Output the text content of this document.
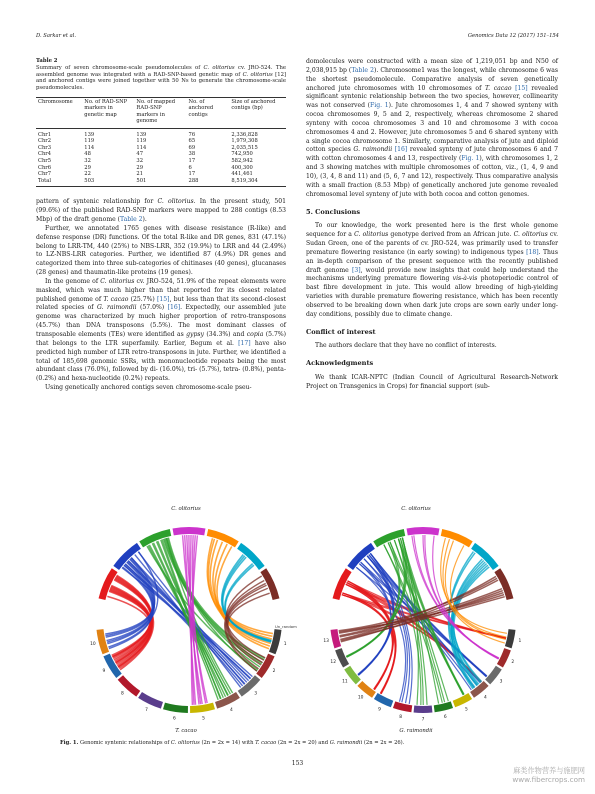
D. Sarkar et al.	Genomics Data 12 (2017) 151–154
Table 2
Summary of seven chromosome-scale pseudomolecules of C. olitorius cv. JRO-524. The assembled genome was integrated with a RAD-SNP-based genetic map of C. olitorius [12] and anchored contigs were joined together with 50 Ns to generate the chromosome-scale pseudomolecules.
Chromosome	No. of RAD-SNP markers in genetic map	No. of mapped RAD-SNP markers in genome	No. of anchored contigs	Size of anchored contigs (bp)
Chr1	139	139	76	2,336,828
Chr2	119	119	65	1,979,308
Chr3	114	114	69	2,035,515
Chr4	48	47	38	742,950
Chr5	32	32	17	582,942
Chr6	29	29	6	400,300
Chr7	22	21	17	441,461
Total	503	501	288	8,519,304

pattern of syntenic relationship for C. olitorius. In the present study, 501 (99.6%) of the published RAD-SNP markers were mapped to 288 contigs (8.53 Mbp) of the draft genome (Table 2).

Further, we annotated 1765 genes with disease resistance (R-like) and defense response (DR) functions. Of the total R-like and DR genes, 831 (47.1%) belong to LRR-TM, 440 (25%) to NBS-LRR, 352 (19.9%) to LRR and 44 (2.49%) to LZ-NBS-LRR categories. Further, we identified 87 (4.9%) DR genes and categorized them into three sub-categories of chitinases (40 genes), glucanases (28 genes) and thaumatin-like proteins (19 genes).

In the genome of C. olitorius cv. JRO-524, 51.9% of the repeat elements were masked, which was much higher than that reported for its closest related published genome of T. cacao (25.7%) [15], but less than that its second-closest related species of G. raimondii (57.0%) [16]. Expectedly, our assembled jute genome was characterized by much higher proportion of retro-transposons (45.7%) than DNA transposons (5.5%). The most dominant classes of transposable elements (TEs) were identified as gypsy (34.3%) and copia (5.7%) that belongs to the LTR superfamily. Earlier, Begum et al. [17] have also predicted high number of LTR retro-transposons in jute. Further, we identified a total of 185,698 genomic SSRs, with mononucleotide repeats being the most abundant class (76.0%), followed by di- (16.0%), tri- (5.7%), tetra- (0.8%), penta- (0.2%) and hexa-nucleotide (0.2%) repeats.

Using genetically anchored contigs seven chromosome-scale pseu-

domolecules were constructed with a mean size of 1,219,051 bp and N50 of 2,038,915 bp (Table 2). Chromosome1 was the longest, while chromosome 6 was the shortest pseudomolecule. Comparative analysis of seven genetically anchored jute chromosomes with 10 chromosomes of T. cacao [15] revealed significant syntenic relationship between the two species, however, collinearity was not conserved (Fig. 1). Jute chromosomes 1, 4 and 7 showed synteny with cocoa chromosomes 9, 5 and 2, respectively, whereas chromosome 2 shared synteny with cocoa chromosomes 3 and 10 and chromosome 3 with cocoa chromosomes 4 and 2. However, jute chromosomes 5 and 6 shared synteny with a single cocoa chromosome 1. Similarly, comparative analysis of jute and diploid cotton species G. raimondii [16] revealed synteny of jute chromosomes 6 and 7 with cotton chromosomes 4 and 13, respectively (Fig. 1), with chromosomes 1, 2 and 3 showing matches with multiple chromosomes of cotton, viz., (1, 4, 9 and 10), (3, 4, 8 and 11) and (5, 6, 7 and 12), respectively. Thus comparative analysis with a small fraction (8.53 Mbp) of genetically anchored jute genome revealed chromosomal level synteny of jute with both cocoa and cotton genomes.

5. Conclusions

To our knowledge, the work presented here is the first whole genome sequence for a C. olitorius genotype derived from an African jute. C. olitorius cv. Sudan Green, one of the parents of cv. JRO-524, was primarily used to transfer premature flowering resistance (in early sowing) to indigenous types [18]. Thus an in-depth comparison of the present sequence with the recently published draft genome [3], would provide new insights that could help understand the mechanisms underlying premature flowering vis-à-vis photoperiodic control of bast fibre development in jute. This would allow breeding of high-yielding varieties with durable premature flowering resistance, which has been recently observed to be breaking down when dark jute crops are sown early under long-day conditions, possibly due to climate change.

Conflict of interest

The authors declare that they have no conflict of interests.

Acknowledgments

We thank ICAR-NPTC (Indian Council of Agricultural Research-Network Project on Transgenics in Crops) for financial support (sub-

C. olitorius	C. olitorius
1
2
3
4
5
6
7
8
9
10
1
2
3
4
5
6
7
8
9
10
11
12
13
Un_random
T. cacao	G. raimondii
Fig. 1. Genomic syntenic relationships of C. olitorius (2n = 2x = 14) with T. cacao (2n = 2x = 20) and G. raimondii (2n = 2x = 26).
153
麻类作物营养与施肥网
www.fibercrops.com
